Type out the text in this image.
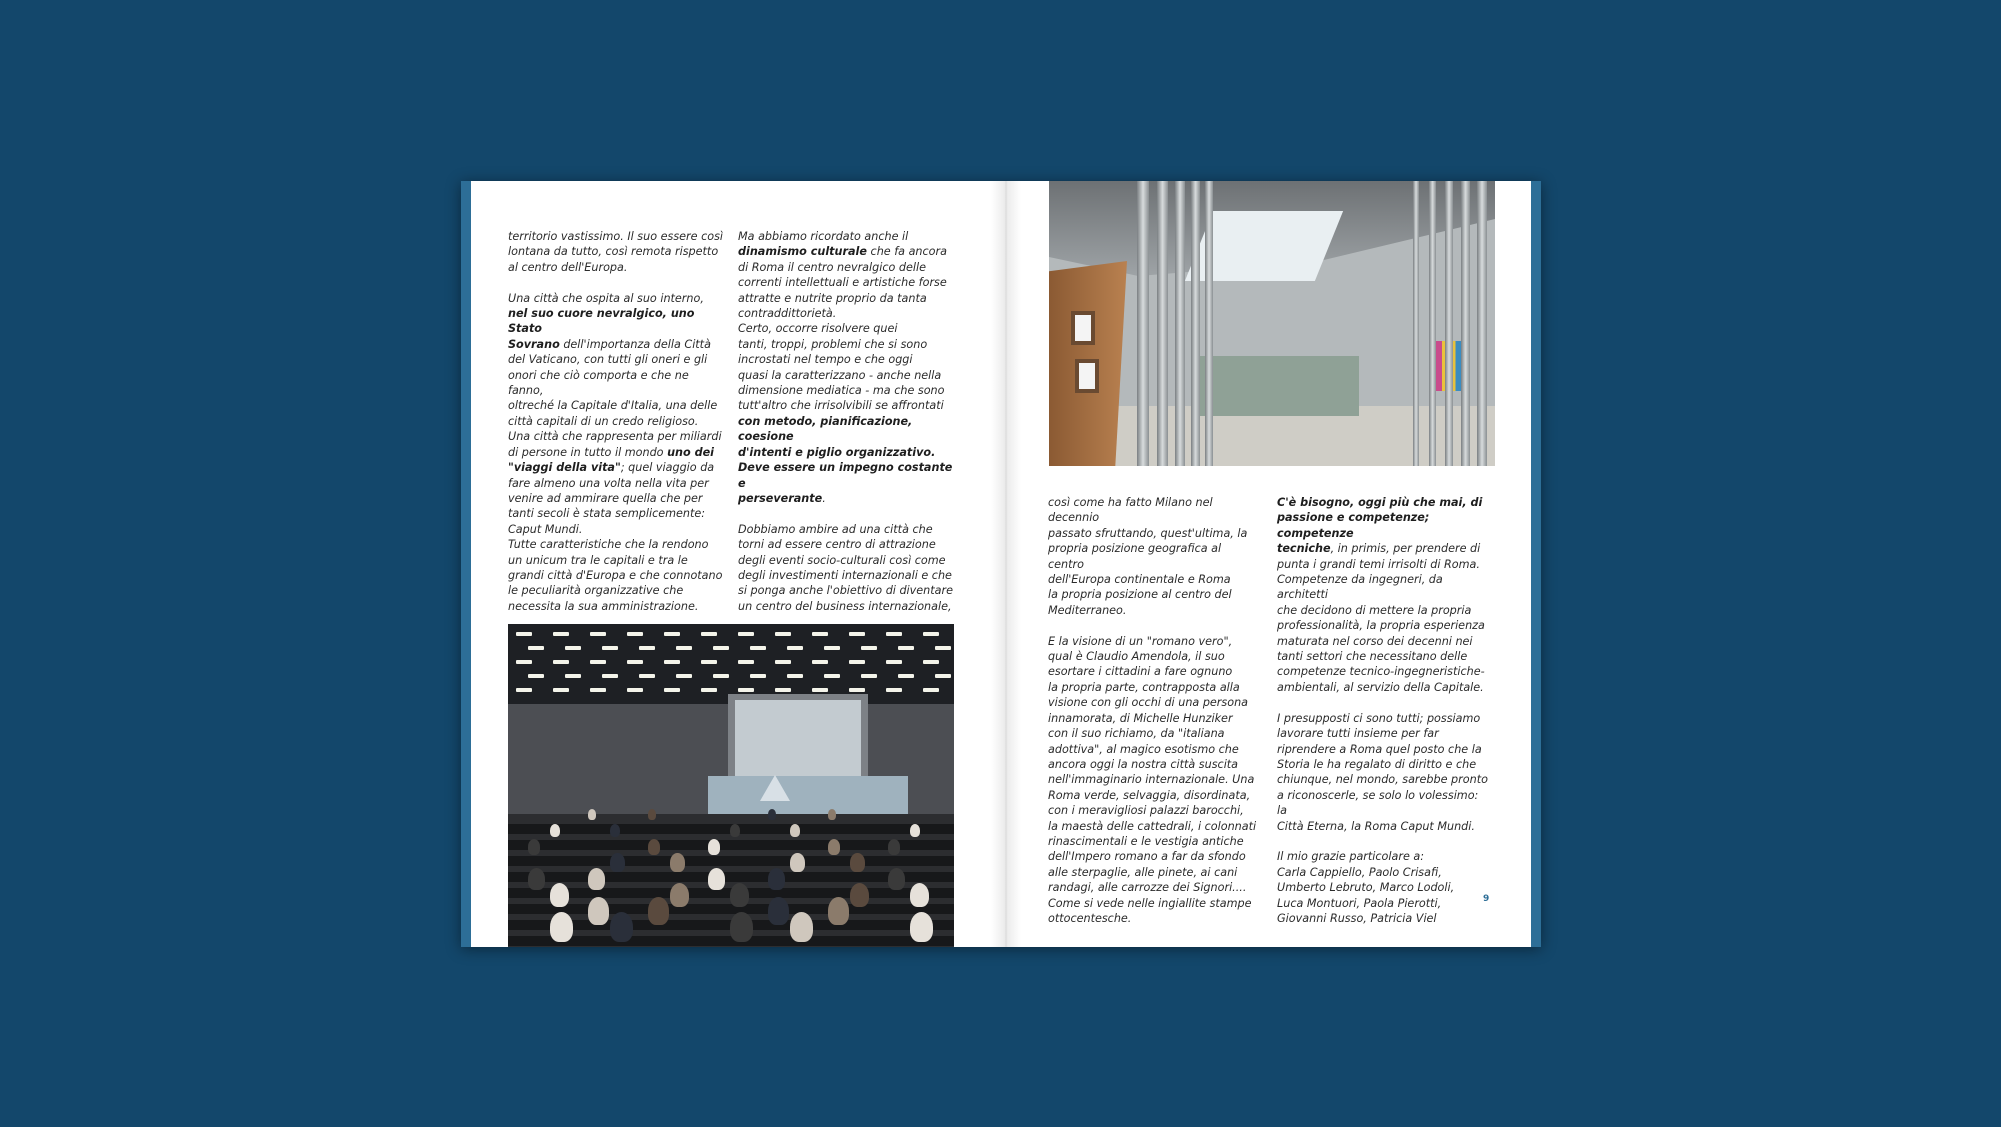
territorio vastissimo. Il suo essere così
lontana da tutto, così remota rispetto
al centro dell'Europa.

Una città che ospita al suo interno,
nel suo cuore nevralgico, uno Stato
Sovrano dell'importanza della Città
del Vaticano, con tutti gli oneri e gli
onori che ciò comporta e che ne fanno,
oltreché la Capitale d'Italia, una delle
città capitali di un credo religioso.
Una città che rappresenta per miliardi
di persone in tutto il mondo uno dei
"viaggi della vita"; quel viaggio da
fare almeno una volta nella vita per
venire ad ammirare quella che per
tanti secoli è stata semplicemente:
Caput Mundi.
Tutte caratteristiche che la rendono
un unicum tra le capitali e tra le
grandi città d'Europa e che connotano
le peculiarità organizzative che
necessita la sua amministrazione.
Ma abbiamo ricordato anche il
dinamismo culturale che fa ancora
di Roma il centro nevralgico delle
correnti intellettuali e artistiche forse
attratte e nutrite proprio da tanta
contraddittorietà.
Certo, occorre risolvere quei
tanti, troppi, problemi che si sono
incrostati nel tempo e che oggi
quasi la caratterizzano - anche nella
dimensione mediatica - ma che sono
tutt'altro che irrisolvibili se affrontati
con metodo, pianificazione, coesione
d'intenti e piglio organizzativo.
Deve essere un impegno costante e
perseverante.

Dobbiamo ambire ad una città che
torni ad essere centro di attrazione
degli eventi socio-culturali così come
degli investimenti internazionali e che
si ponga anche l'obiettivo di diventare
un centro del business internazionale,
così come ha fatto Milano nel decennio
passato sfruttando, quest'ultima, la
propria posizione geografica al centro
dell'Europa continentale e Roma
la propria posizione al centro del
Mediterraneo.

E la visione di un "romano vero",
qual è Claudio Amendola, il suo
esortare i cittadini a fare ognuno
la propria parte, contrapposta alla
visione con gli occhi di una persona
innamorata, di Michelle Hunziker
con il suo richiamo, da "italiana
adottiva", al magico esotismo che
ancora oggi la nostra città suscita
nell'immaginario internazionale. Una
Roma verde, selvaggia, disordinata,
con i meravigliosi palazzi barocchi,
la maestà delle cattedrali, i colonnati
rinascimentali e le vestigia antiche
dell'Impero romano a far da sfondo
alle sterpaglie, alle pinete, ai cani
randagi, alle carrozze dei Signori....
Come si vede nelle ingiallite stampe
ottocentesche.
C'è bisogno, oggi più che mai, di
passione e competenze; competenze
tecniche, in primis, per prendere di
punta i grandi temi irrisolti di Roma.
Competenze da ingegneri, da architetti
che decidono di mettere la propria
professionalità, la propria esperienza
maturata nel corso dei decenni nei
tanti settori che necessitano delle
competenze tecnico-ingegneristiche-
ambientali, al servizio della Capitale.

I presupposti ci sono tutti; possiamo
lavorare tutti insieme per far
riprendere a Roma quel posto che la
Storia le ha regalato di diritto e che
chiunque, nel mondo, sarebbe pronto
a riconoscerle, se solo lo volessimo: la
Città Eterna, la Roma Caput Mundi.

Il mio grazie particolare a:
Carla Cappiello, Paolo Crisafi,
Umberto Lebruto, Marco Lodoli,
Luca Montuori, Paola Pierotti,
Giovanni Russo, Patricia Viel
9
